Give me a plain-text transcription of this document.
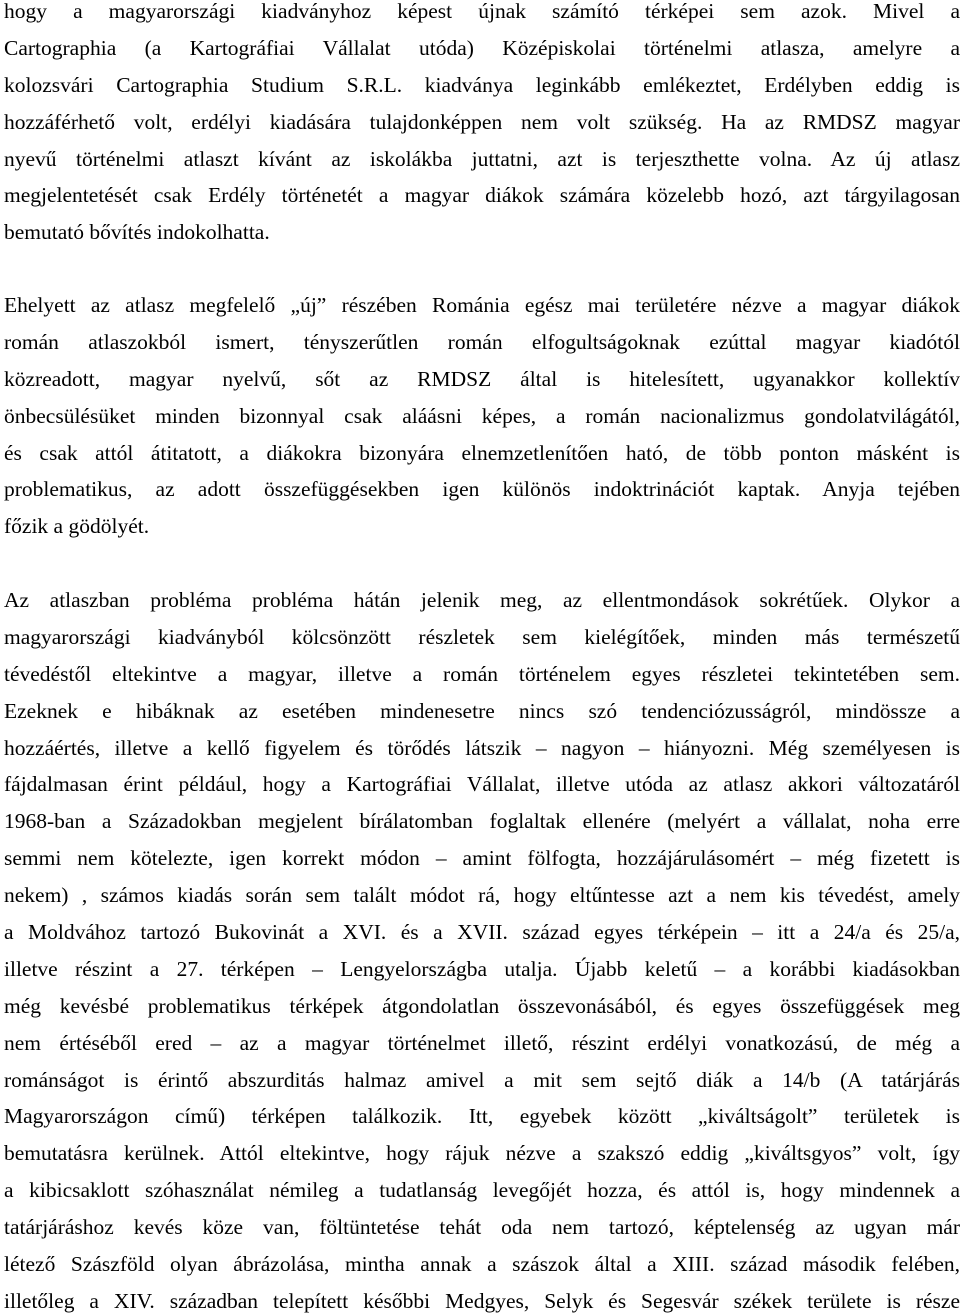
hogy a magyarországi kiadványhoz képest újnak számító térképei sem azok. Mivel a
Cartographia (a Kartográfiai Vállalat utóda) Középiskolai történelmi atlasza, amelyre a
kolozsvári Cartographia Studium S.R.L. kiadványa leginkább emlékeztet, Erdélyben eddig is
hozzáférhető volt, erdélyi kiadására tulajdonképpen nem volt szükség. Ha az RMDSZ magyar
nyevű történelmi atlaszt kívánt az iskolákba juttatni, azt is terjeszthette volna. Az új atlasz
megjelentetését csak Erdély történetét a magyar diákok számára közelebb hozó, azt tárgyilagosan
bemutató bővítés indokolhatta.
Ehelyett az atlasz megfelelő „új” részében Románia egész mai területére nézve a magyar diákok
román atlaszokból ismert, tényszerűtlen román elfogultságoknak ezúttal magyar kiadótól
közreadott, magyar nyelvű, sőt az RMDSZ által is hitelesített, ugyanakkor kollektív
önbecsülésüket minden bizonnyal csak aláásni képes, a román nacionalizmus gondolatvilágától,
és csak attól átitatott, a diákokra bizonyára elnemzetlenítően ható, de több ponton másként is
problematikus, az adott összefüggésekben igen különös indoktrinációt kaptak. Anyja tejében
főzik a gödölyét.
Az atlaszban probléma probléma hátán jelenik meg, az ellentmondások sokrétűek. Olykor a
magyarországi kiadványból kölcsönzött részletek sem kielégítőek, minden más természetű
tévedéstől eltekintve a magyar, illetve a román történelem egyes részletei tekintetében sem.
Ezeknek e hibáknak az esetében mindenesetre nincs szó tendenciózusságról, mindössze a
hozzáértés, illetve a kellő figyelem és törődés látszik – nagyon – hiányozni. Még személyesen is
fájdalmasan érint például, hogy a Kartográfiai Vállalat, illetve utóda az atlasz akkori változatáról
1968-ban a Századokban megjelent bírálatomban foglaltak ellenére (melyért a vállalat, noha erre
semmi nem kötelezte, igen korrekt módon – amint fölfogta, hozzájárulásomért – még fizetett is
nekem) , számos kiadás során sem talált módot rá, hogy eltűntesse azt a nem kis tévedést, amely
a Moldvához tartozó Bukovinát a XVI. és a XVII. század egyes térképein – itt a 24/a és 25/a,
illetve részint a 27. térképen – Lengyelországba utalja. Újabb keletű – a korábbi kiadásokban
még kevésbé problematikus térképek átgondolatlan összevonásából, és egyes összefüggések meg
nem értéséből ered – az a magyar történelmet illető, részint erdélyi vonatkozású, de még a
románságot is érintő abszurditás halmaz amivel a mit sem sejtő diák a 14/b (A tatárjárás
Magyarországon című) térképen találkozik. Itt, egyebek között „kiváltságolt” területek is
bemutatásra kerülnek. Attól eltekintve, hogy rájuk nézve a szakszó eddig „kiváltsgyos” volt, így
a kibicsaklott szóhasználat némileg a tudatlanság levegőjét hozza, és attól is, hogy mindennek a
tatárjáráshoz kevés köze van, föltüntetése tehát oda nem tartozó, képtelenség az ugyan már
létező Szászföld olyan ábrázolása, mintha annak a szászok által a XIII. század második felében,
illetőleg a XIV. században telepített későbbi Medgyes, Selyk és Segesvár székek területe is része
